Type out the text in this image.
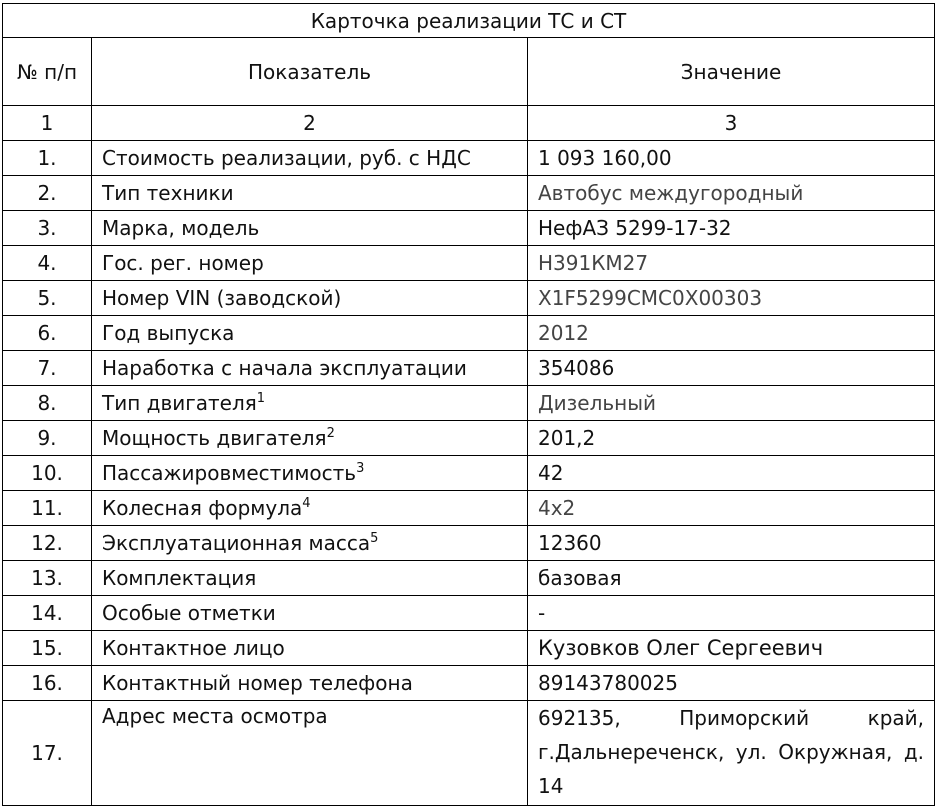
Карточка реализации ТС и СТ		
№ п/п	Показатель	Значение
1	2	3
1.	Стоимость реализации, руб. с НДС	1 093 160,00
2.	Тип техники	Автобус междугородный
3.	Марка, модель	НефАЗ 5299-17-32
4.	Гос. рег. номер	Н391КМ27
5.	Номер VIN (заводской)	X1F5299CMC0X00303
6.	Год выпуска	2012
7.	Наработка с начала эксплуатации	354086
8.	Тип двигателя$^1$	Дизельный
9.	Мощность двигателя$^2$	201,2
10.	Пассажировместимость$^3$	42
11.	Колесная формула$^4$	4х2
12.	Эксплуатационная масса$^5$	12360
13.	Комплектация	базовая
14.	Особые отметки	-
15.	Контактное лицо	Кузовков Олег Сергеевич
16.	Контактный номер телефона	89143780025
17.	Адрес места осмотра	692135, Приморский край, г.Дальнереченск, ул. Окружная, д. 14
